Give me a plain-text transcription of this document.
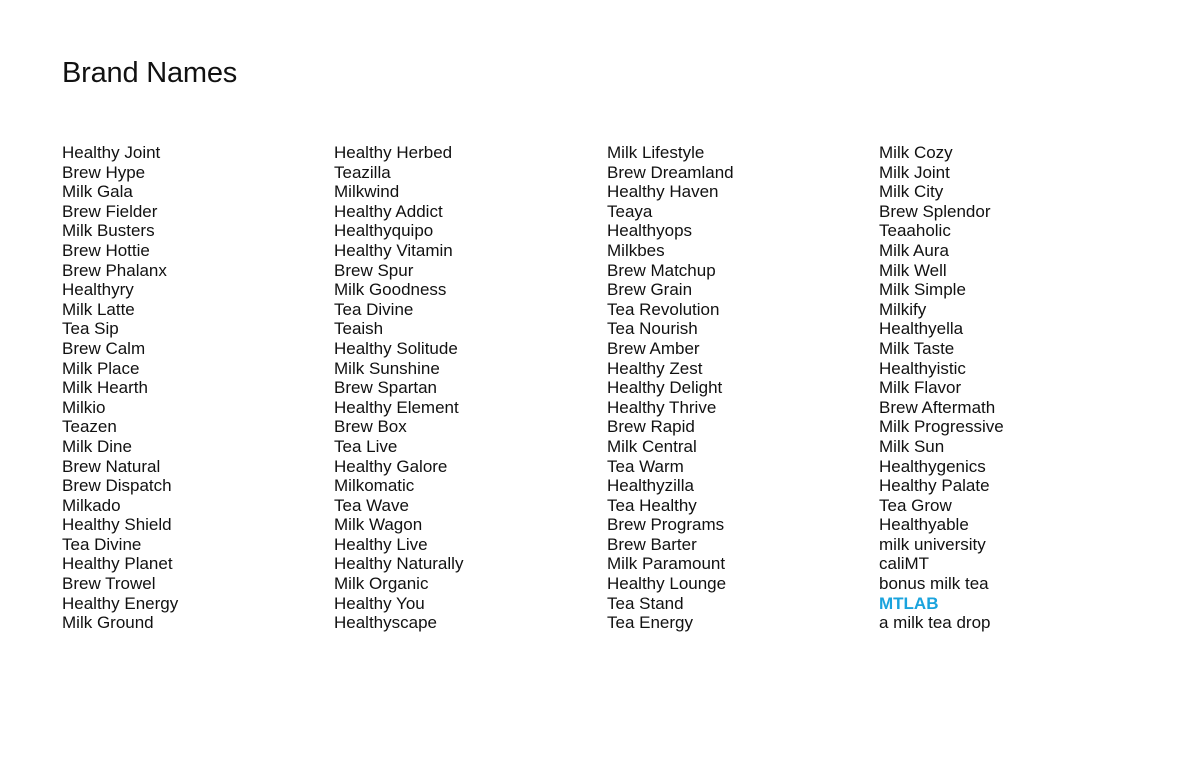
Brand Names
Healthy Joint
Brew Hype
Milk Gala
Brew Fielder
Milk Busters
Brew Hottie
Brew Phalanx
Healthyry
Milk Latte
Tea Sip
Brew Calm
Milk Place
Milk Hearth
Milkio
Teazen
Milk Dine
Brew Natural
Brew Dispatch
Milkado
Healthy Shield
Tea Divine
Healthy Planet
Brew Trowel
Healthy Energy
Milk Ground
Healthy Herbed
Teazilla
Milkwind
Healthy Addict
Healthyquipo
Healthy Vitamin
Brew Spur
Milk Goodness
Tea Divine
Teaish
Healthy Solitude
Milk Sunshine
Brew Spartan
Healthy Element
Brew Box
Tea Live
Healthy Galore
Milkomatic
Tea Wave
Milk Wagon
Healthy Live
Healthy Naturally
Milk Organic
Healthy You
Healthyscape
Milk Lifestyle
Brew Dreamland
Healthy Haven
Teaya
Healthyops
Milkbes
Brew Matchup
Brew Grain
Tea Revolution
Tea Nourish
Brew Amber
Healthy Zest
Healthy Delight
Healthy Thrive
Brew Rapid
Milk Central
Tea Warm
Healthyzilla
Tea Healthy
Brew Programs
Brew Barter
Milk Paramount
Healthy Lounge
Tea Stand
Tea Energy
Milk Cozy
Milk Joint
Milk City
Brew Splendor
Teaaholic
Milk Aura
Milk Well
Milk Simple
Milkify
Healthyella
Milk Taste
Healthyistic
Milk Flavor
Brew Aftermath
Milk Progressive
Milk Sun
Healthygenics
Healthy Palate
Tea Grow
Healthyable
milk university
caliMT
bonus milk tea
MTLAB
a milk tea drop
